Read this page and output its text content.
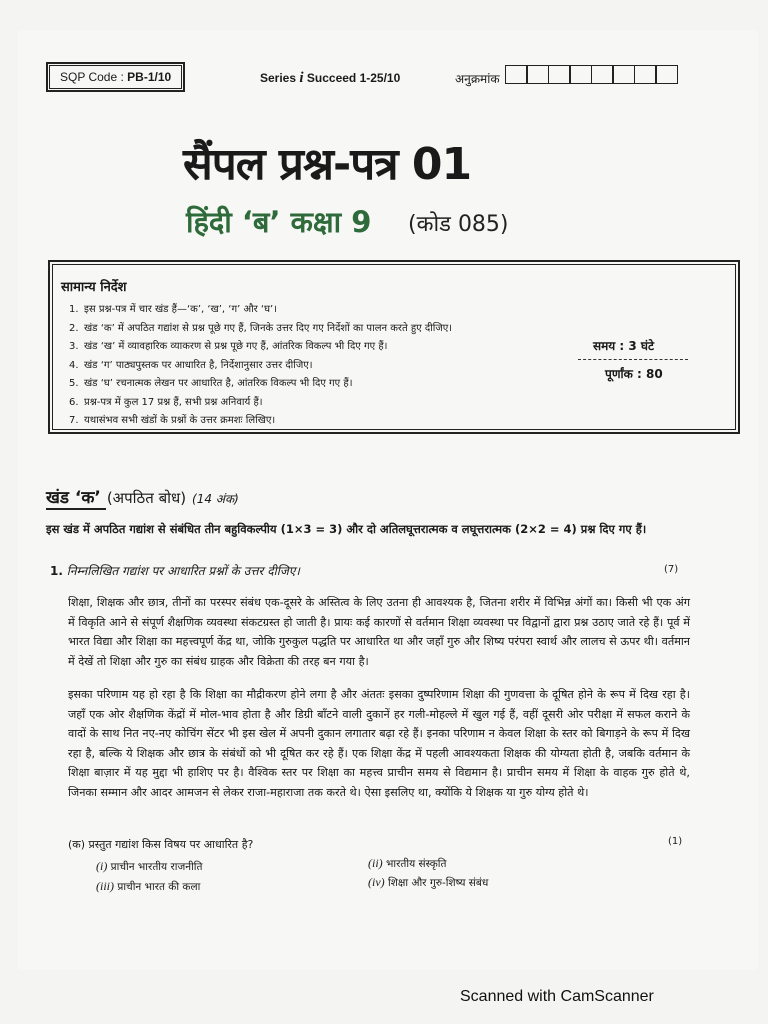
SQP Code : PB-1/10	Series i Succeed 1-25/10	अनुक्रमांक
सैंपल प्रश्न-पत्र 01
हिंदी ‘ब’ कक्षा 9 (कोड 085)
सामान्य निर्देश
1. इस प्रश्न-पत्र में चार खंड हैं—‘क’, ‘ख’, ‘ग’ और ‘घ’।
2. खंड ‘क’ में अपठित गद्यांश से प्रश्न पूछे गए हैं, जिनके उत्तर दिए गए निर्देशों का पालन करते हुए दीजिए।
3. खंड ‘ख’ में व्यावहारिक व्याकरण से प्रश्न पूछे गए हैं, आंतरिक विकल्प भी दिए गए हैं।
4. खंड ‘ग’ पाठ्यपुस्तक पर आधारित है, निर्देशानुसार उत्तर दीजिए।
5. खंड ‘घ’ रचनात्मक लेखन पर आधारित है, आंतरिक विकल्प भी दिए गए हैं।
6. प्रश्न-पत्र में कुल 17 प्रश्न हैं, सभी प्रश्न अनिवार्य हैं।
7. यथासंभव सभी खंडों के प्रश्नों के उत्तर क्रमशः लिखिए।
समय : 3 घंटे
पूर्णांक : 80
खंड ‘क’ (अपठित बोध) (14 अंक)
इस खंड में अपठित गद्यांश से संबंधित तीन बहुविकल्पीय (1×3 = 3) और दो अतिलघूत्तरात्मक व लघूत्तरात्मक (2×2 = 4) प्रश्न दिए गए हैं।
1. निम्नलिखित गद्यांश पर आधारित प्रश्नों के उत्तर दीजिए।	(7)

शिक्षा, शिक्षक और छात्र, तीनों का परस्पर संबंध एक-दूसरे के अस्तित्व के लिए उतना ही आवश्यक है, जितना शरीर में विभिन्न अंगों का। किसी भी एक अंग में विकृति आने से संपूर्ण शैक्षणिक व्यवस्था संकटग्रस्त हो जाती है। प्रायः कई कारणों से वर्तमान शिक्षा व्यवस्था पर विद्वानों द्वारा प्रश्न उठाए जाते रहे हैं। पूर्व में भारत विद्या और शिक्षा का महत्त्वपूर्ण केंद्र था, जोकि गुरुकुल पद्धति पर आधारित था और जहाँ गुरु और शिष्य परंपरा स्वार्थ और लालच से ऊपर थी। वर्तमान में देखें तो शिक्षा और गुरु का संबंध ग्राहक और विक्रेता की तरह बन गया है।

इसका परिणाम यह हो रहा है कि शिक्षा का मौद्रीकरण होने लगा है और अंततः इसका दुष्परिणाम शिक्षा की गुणवत्ता के दूषित होने के रूप में दिख रहा है। जहाँ एक ओर शैक्षणिक केंद्रों में मोल-भाव होता है और डिग्री बाँटने वाली दुकानें हर गली-मोहल्ले में खुल गई हैं, वहीं दूसरी ओर परीक्षा में सफल कराने के वादों के साथ नित नए-नए कोचिंग सेंटर भी इस खेल में अपनी दुकान लगातार बढ़ा रहे हैं। इनका परिणाम न केवल शिक्षा के स्तर को बिगाड़ने के रूप में दिख रहा है, बल्कि ये शिक्षक और छात्र के संबंधों को भी दूषित कर रहे हैं। एक शिक्षा केंद्र में पहली आवश्यकता शिक्षक की योग्यता होती है, जबकि वर्तमान के शिक्षा बाज़ार में यह मुद्दा भी हाशिए पर है। वैश्विक स्तर पर शिक्षा का महत्त्व प्राचीन समय से विद्यमान है। प्राचीन समय में शिक्षा के वाहक गुरु होते थे, जिनका सम्मान और आदर आमजन से लेकर राजा-महाराजा तक करते थे। ऐसा इसलिए था, क्योंकि ये शिक्षक या गुरु योग्य होते थे।

(क) प्रस्तुत गद्यांश किस विषय पर आधारित है?	(1)
(i) प्राचीन भारतीय राजनीति	(ii) भारतीय संस्कृति
(iii) प्राचीन भारत की कला	(iv) शिक्षा और गुरु-शिष्य संबंध
Scanned with CamScanner
